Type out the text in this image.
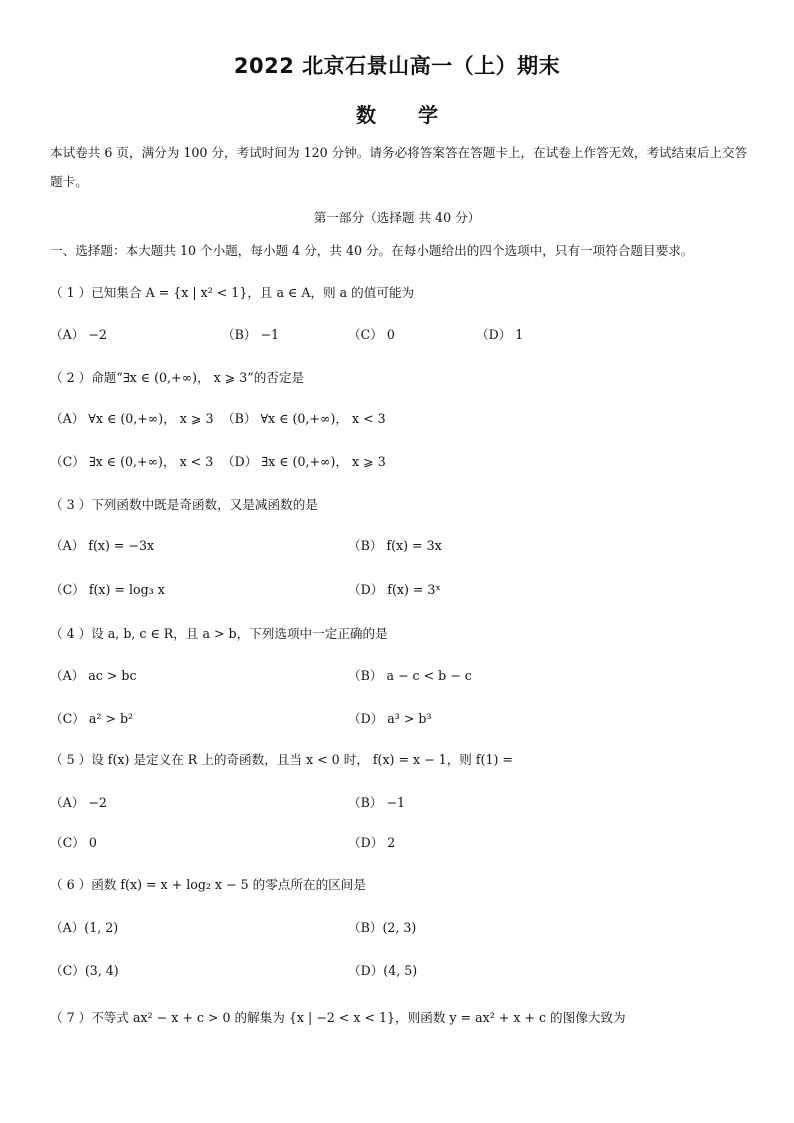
2022 北京石景山高一（上）期末
数学
本试卷共 6 页，满分为 100 分，考试时间为 120 分钟。请务必将答案答在答题卡上，在试卷上作答无效，考试结束后上交答题卡。
第一部分（选择题 共 40 分）
一、选择题：本大题共 10 个小题，每小题 4 分，共 40 分。在每小题给出的四个选项中，只有一项符合题目要求。
（ 1 ）已知集合 A = {x | x² < 1}，且 a ∈ A，则 a 的值可能为
（A） −2	（B） −1	（C） 0	（D） 1
（ 2 ）命题“∃x ∈ (0,+∞)， x ⩾ 3”的否定是
（A） ∀x ∈ (0,+∞)， x ⩾ 3 （B） ∀x ∈ (0,+∞)， x < 3
（C） ∃x ∈ (0,+∞)， x < 3 （D） ∃x ∈ (0,+∞)， x ⩾ 3
（ 3 ）下列函数中既是奇函数，又是减函数的是
（A） f(x) = −3x	（B） f(x) = 3x
（C） f(x) = log₃ x	（D） f(x) = 3ˣ
（ 4 ）设 a, b, c ∈ R，且 a > b，下列选项中一定正确的是
（A） ac > bc	（B） a − c < b − c
（C） a² > b²	（D） a³ > b³
（ 5 ）设 f(x) 是定义在 R 上的奇函数，且当 x < 0 时， f(x) = x − 1，则 f(1) =
（A） −2	（B） −1
（C） 0	（D） 2
（ 6 ）函数 f(x) = x + log₂ x − 5 的零点所在的区间是
（A）(1, 2)	（B）(2, 3)
（C）(3, 4)	（D）(4, 5)
（ 7 ）不等式 ax² − x + c > 0 的解集为 {x | −2 < x < 1}，则函数 y = ax² + x + c 的图像大致为
